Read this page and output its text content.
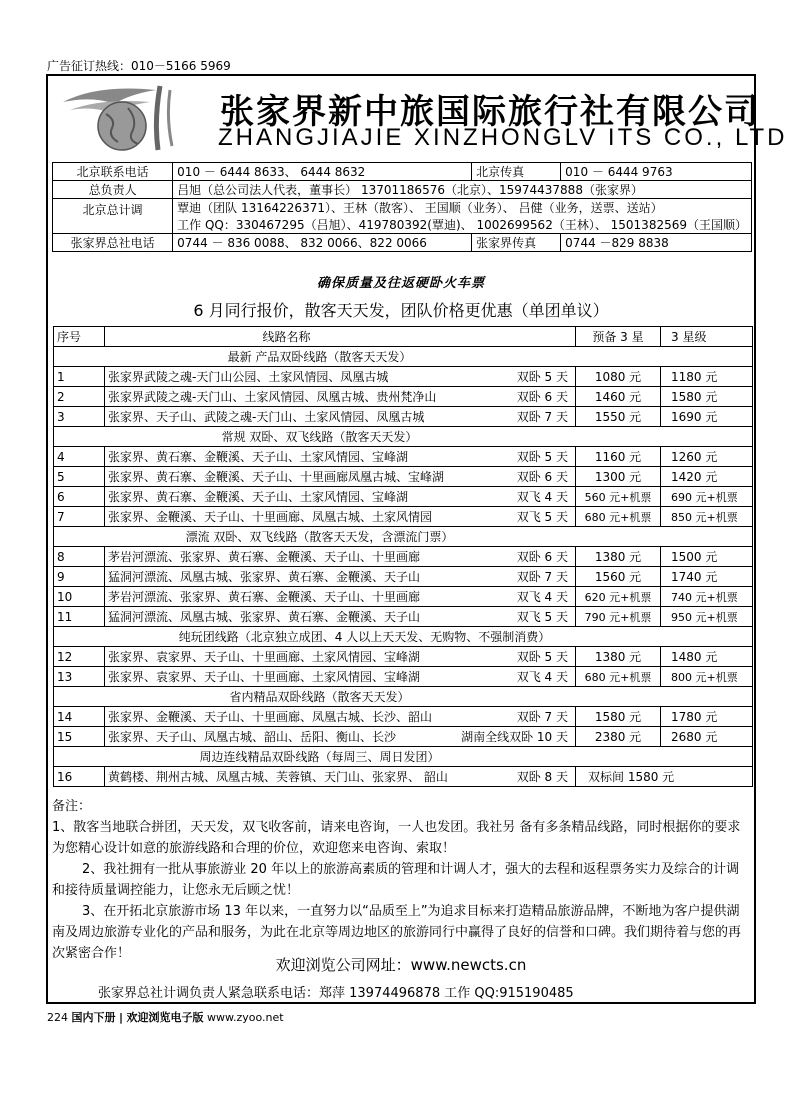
广告征订热线：010－5166 5969
张家界新中旅国际旅行社有限公司
ZHANGJIAJIE XINZHONGLV ITS CO., LTD
北京联系电话	010 － 6444 8633、 6444 8632	北京传真	010 － 6444 9763
总负责人	吕旭（总公司法人代表，董事长） 13701186576（北京）、15974437888（张家界）		
北京总计调	覃迪（团队 13164226371）、王林（散客）、 王国顺（业务）、 吕健（业务，送票、送站）		
	工作 QQ：330467295（吕旭）、419780392(覃迪)、 1002699562（王林）、 1501382569（王国顺）		
张家界总社电话	0744 － 836 0088、 832 0066、822 0066	张家界传真	0744 －829 8838
确保质量及往返硬卧火车票
6 月同行报价，散客天天发，团队价格更优惠（单团单议）
序号	线路名称	预备 3 星	3 星级
最新 产品双卧线路（散客天天发）			
1	张家界武陵之魂-天门山公园、土家风情园、凤凰古城 双卧 5 天	1080 元	1180 元
2	张家界武陵之魂-天门山、土家风情园、凤凰古城、贵州梵净山 双卧 6 天	1460 元	1580 元
3	张家界、天子山、武陵之魂-天门山、土家风情园、凤凰古城 双卧 7 天	1550 元	1690 元
常规 双卧、双飞线路（散客天天发）			
4	张家界、黄石寨、金鞭溪、天子山、土家风情园、宝峰湖 双卧 5 天	1160 元	1260 元
5	张家界、黄石寨、金鞭溪、天子山、十里画廊凤凰古城、宝峰湖 双卧 6 天	1300 元	1420 元
6	张家界、黄石寨、金鞭溪、天子山、土家风情园、宝峰湖 双飞 4 天	560 元+机票	690 元+机票
7	张家界、金鞭溪、天子山、十里画廊、凤凰古城、土家风情园 双飞 5 天	680 元+机票	850 元+机票
漂流 双卧、双飞线路（散客天天发，含漂流门票）			
8	茅岩河漂流、张家界、黄石寨、金鞭溪、天子山、十里画廊 双卧 6 天	1380 元	1500 元
9	猛洞河漂流、凤凰古城、张家界、黄石寨、金鞭溪、天子山 双卧 7 天	1560 元	1740 元
10	茅岩河漂流、张家界、黄石寨、金鞭溪、天子山、十里画廊 双飞 4 天	620 元+机票	740 元+机票
11	猛洞河漂流、凤凰古城、张家界、黄石寨、金鞭溪、天子山 双飞 5 天	790 元+机票	950 元+机票
纯玩团线路（北京独立成团、4 人以上天天发、无购物、不强制消费）			
12	张家界、袁家界、天子山、十里画廊、土家风情园、宝峰湖 双卧 5 天	1380 元	1480 元
13	张家界、袁家界、天子山、十里画廊、土家风情园、宝峰湖 双飞 4 天	680 元+机票	800 元+机票
省内精品双卧线路（散客天天发）			
14	张家界、金鞭溪、天子山、十里画廊、凤凰古城、长沙、韶山 双卧 7 天	1580 元	1780 元
15	张家界、天子山、凤凰古城、韶山、岳阳、衡山、长沙 湖南全线双卧 10 天	2380 元	2680 元
周边连线精品双卧线路（每周三、周日发团）			
16	黄鹤楼、荆州古城、凤凰古城、芙蓉镇、天门山、张家界、 韶山 双卧 8 天	双标间 1580 元	

备注：

1、散客当地联合拼团，天天发，双飞收客前，请来电咨询，一人也发团。我社另 备有多条精品线路，同时根据你的要求为您精心设计如意的旅游线路和合理的价位，欢迎您来电咨询、索取！

2、我社拥有一批从事旅游业 20 年以上的旅游高素质的管理和计调人才，强大的去程和返程票务实力及综合的计调和接待质量调控能力，让您永无后顾之忧！

3、在开拓北京旅游市场 13 年以来，一直努力以“品质至上”为追求目标来打造精品旅游品牌，不断地为客户提供湖南及周边旅游专业化的产品和服务，为此在北京等周边地区的旅游同行中赢得了良好的信誉和口碑。我们期待着与您的再次紧密合作！

欢迎浏览公司网址：www.newcts.cn
张家界总社计调负责人紧急联系电话：郑萍 13974496878 工作 QQ:915190485
224 国内下册 | 欢迎浏览电子版 www.zyoo.net
